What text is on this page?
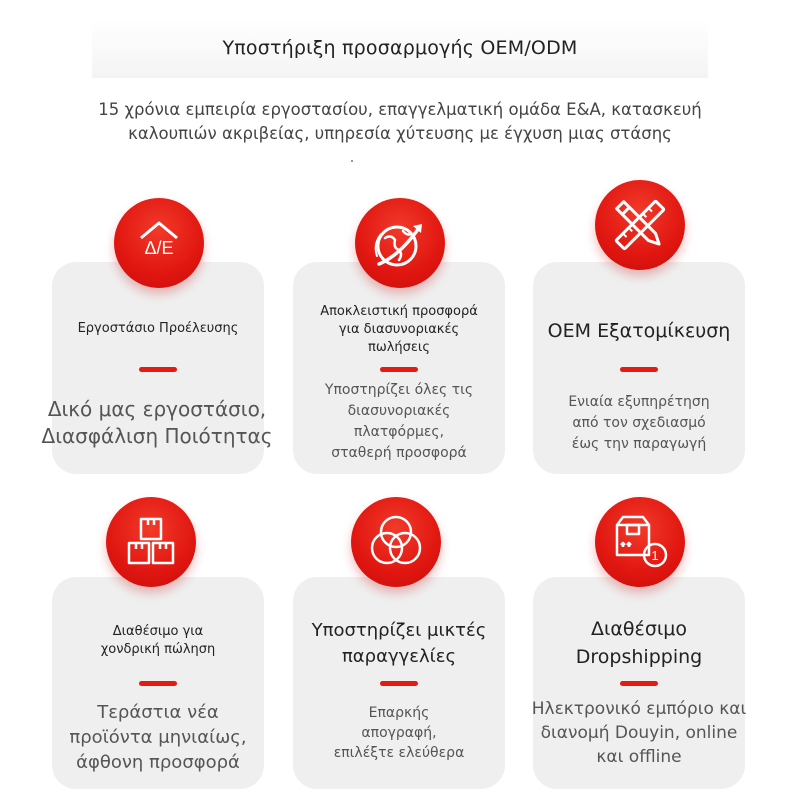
Υποστήριξη προσαρμογής OEM/ODM
15 χρόνια εμπειρία εργοστασίου, επαγγελματική ομάδα Ε&Α, κατασκευή
καλουπιών ακριβείας, υπηρεσία χύτευσης με έγχυση μιας στάσης
Δ/Ε
Εργοστάσιο Προέλευσης
Δικό μας εργοστάσιο,
Διασφάλιση Ποιότητας
Αποκλειστική προσφορά
για διασυνοριακές
πωλήσεις
Υποστηρίζει όλες τις
διασυνοριακές
πλατφόρμες,
σταθερή προσφορά
OEM Εξατομίκευση
Ενιαία εξυπηρέτηση
από τον σχεδιασμό
έως την παραγωγή
Διαθέσιμο για
χονδρική πώληση
Τεράστια νέα
προϊόντα μηνιαίως,
άφθονη προσφορά
Υποστηρίζει μικτές
παραγγελίες
Επαρκής
απογραφή,
επιλέξτε ελεύθερα
1
Διαθέσιμο
Dropshipping
Ηλεκτρονικό εμπόριο και
διανομή Douyin, online
και offline
